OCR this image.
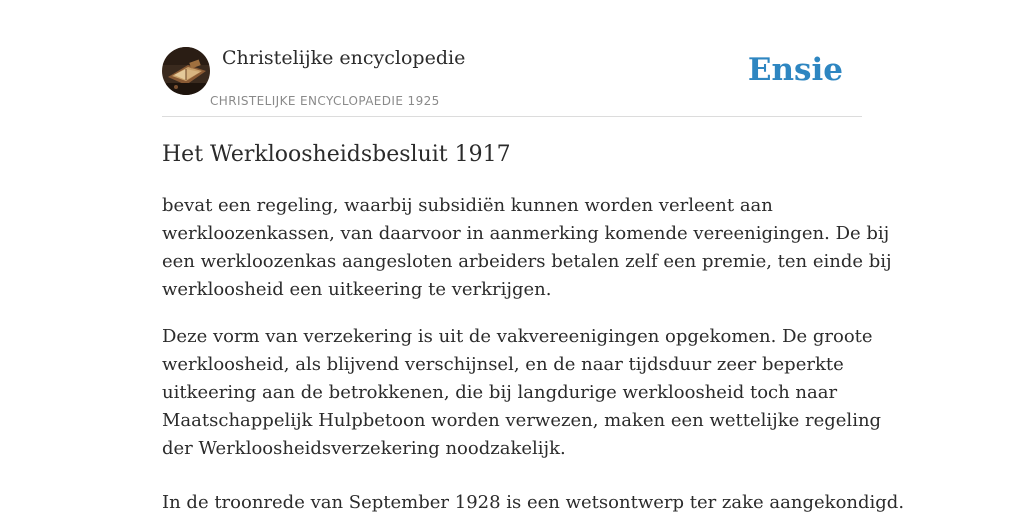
Christelijke encyclopedie
CHRISTELIJKE ENCYCLOPAEDIE 1925
Ensie
Het Werkloosheidsbesluit 1917

bevat een regeling, waarbij subsidiën kunnen worden verleent aan
werkloozenkassen, van daarvoor in aanmerking komende vereenigingen. De bij
een werkloozenkas aangesloten arbeiders betalen zelf een premie, ten einde bij
werkloosheid een uitkeering te verkrijgen.

Deze vorm van verzekering is uit de vakvereenigingen opgekomen. De groote
werkloosheid, als blijvend verschijnsel, en de naar tijdsduur zeer beperkte
uitkeering aan de betrokkenen, die bij langdurige werkloosheid toch naar
Maatschappelijk Hulpbetoon worden verwezen, maken een wettelijke regeling
der Werkloosheidsverzekering noodzakelijk.

In de troonrede van September 1928 is een wetsontwerp ter zake aangekondigd.
